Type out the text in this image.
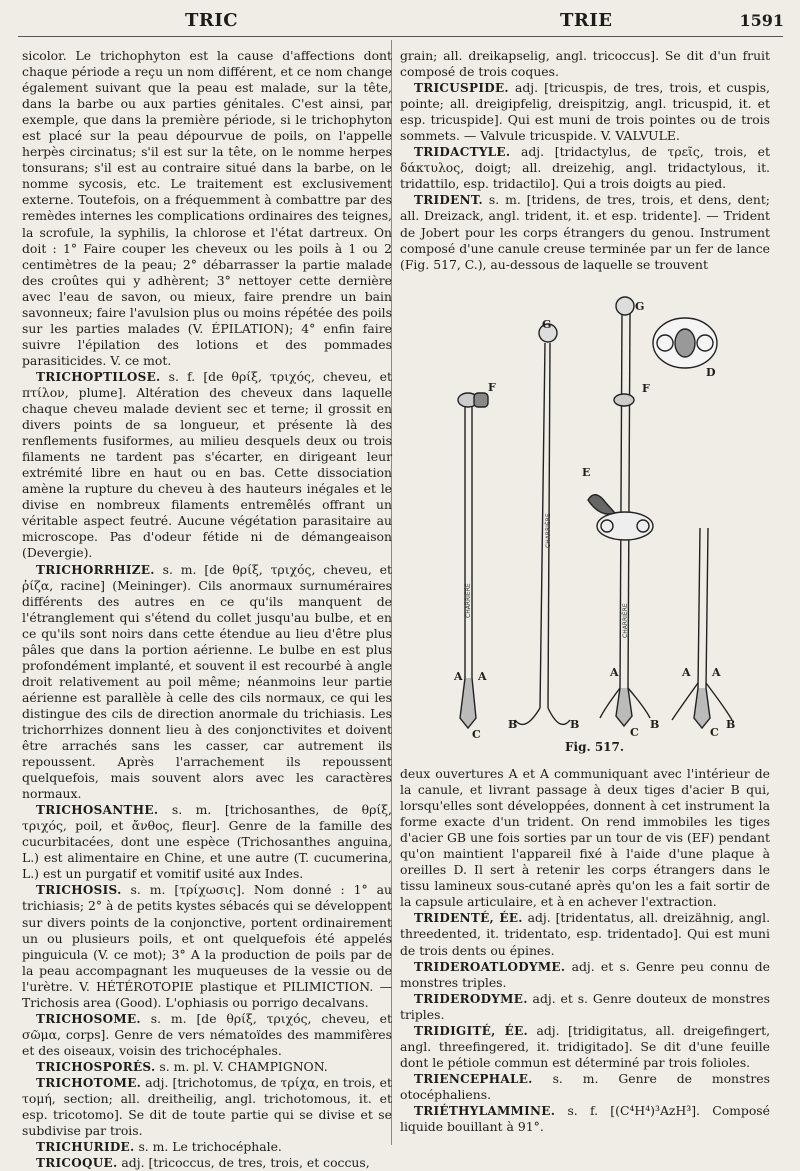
TRIC	TRIE	1591

sicolor. Le trichophyton est la cause d'affections dont chaque période a reçu un nom différent, et ce nom change également suivant que la peau est malade, sur la tête, dans la barbe ou aux parties génitales. C'est ainsi, par exemple, que dans la première période, si le trichophyton est placé sur la peau dépourvue de poils, on l'appelle herpès circinatus; s'il est sur la tête, on le nomme herpes tonsurans; s'il est au contraire situé dans la barbe, on le nomme sycosis, etc. Le traitement est exclusivement externe. Toutefois, on a fréquemment à combattre par des remèdes internes les complications ordinaires des teignes, la scrofule, la syphilis, la chlorose et l'état dartreux. On doit : 1° Faire couper les cheveux ou les poils à 1 ou 2 centimètres de la peau; 2° débarrasser la partie malade des croûtes qui y adhèrent; 3° nettoyer cette dernière avec l'eau de savon, ou mieux, faire prendre un bain savonneux; faire l'avulsion plus ou moins répétée des poils sur les parties malades (V. ÉPILATION); 4° enfin faire suivre l'épilation des lotions et des pommades parasiticides. V. ce mot.

TRICHOPTILOSE. s. f. [de θρίξ, τριχός, cheveu, et πτίλον, plume]. Altération des cheveux dans laquelle chaque cheveu malade devient sec et terne; il grossit en divers points de sa longueur, et présente là des renflements fusiformes, au milieu desquels deux ou trois filaments ne tardent pas s'écarter, en dirigeant leur extrémité libre en haut ou en bas. Cette dissociation amène la rupture du cheveu à des hauteurs inégales et le divise en nombreux filaments entremêlés offrant un véritable aspect feutré. Aucune végétation parasitaire au microscope. Pas d'odeur fétide ni de démangeaison (Devergie).

TRICHORRHIZE. s. m. [de θρίξ, τριχός, cheveu, et ῥίζα, racine] (Meininger). Cils anormaux surnuméraires différents des autres en ce qu'ils manquent de l'étranglement qui s'étend du collet jusqu'au bulbe, et en ce qu'ils sont noirs dans cette étendue au lieu d'être plus pâles que dans la portion aérienne. Le bulbe en est plus profondément implanté, et souvent il est recourbé à angle droit relativement au poil même; néanmoins leur partie aérienne est parallèle à celle des cils normaux, ce qui les distingue des cils de direction anormale du trichiasis. Les trichorrhizes donnent lieu à des conjonctivites et doivent être arrachés sans les casser, car autrement ils repoussent. Après l'arrachement ils repoussent quelquefois, mais souvent alors avec les caractères normaux.

TRICHOSANTHE. s. m. [trichosanthes, de θρίξ, τριχός, poil, et ἄνθος, fleur]. Genre de la famille des cucurbitacées, dont une espèce (Trichosanthes anguina, L.) est alimentaire en Chine, et une autre (T. cucumerina, L.) est un purgatif et vomitif usité aux Indes.

TRICHOSIS. s. m. [τρίχωσις]. Nom donné : 1° au trichiasis; 2° à de petits kystes sébacés qui se développent sur divers points de la conjonctive, portent ordinairement un ou plusieurs poils, et ont quelquefois été appelés pinguicula (V. ce mot); 3° A la production de poils par de la peau accompagnant les muqueuses de la vessie ou de l'urètre. V. HÉTÉROTOPIE plastique et PILIMICTION. — Trichosis area (Good). L'ophiasis ou porrigo decalvans.

TRICHOSOME. s. m. [de θρίξ, τριχός, cheveu, et σῶμα, corps]. Genre de vers nématoïdes des mammifères et des oiseaux, voisin des trichocéphales.

TRICHOSPORÉS. s. m. pl. V. CHAMPIGNON.

TRICHOTOME. adj. [trichotomus, de τρίχα, en trois, et τομή, section; all. dreitheilig, angl. trichotomous, it. et esp. tricotomo]. Se dit de toute partie qui se divise et se subdivise par trois.

TRICHURIDE. s. m. Le trichocéphale.

TRICOQUE. adj. [tricoccus, de tres, trois, et coccus,

grain; all. dreikapselig, angl. tricoccus]. Se dit d'un fruit composé de trois coques.

TRICUSPIDE. adj. [tricuspis, de tres, trois, et cuspis, pointe; all. dreigipfelig, dreispitzig, angl. tricuspid, it. et esp. tricuspide]. Qui est muni de trois pointes ou de trois sommets. — Valvule tricuspide. V. VALVULE.

TRIDACTYLE. adj. [tridactylus, de τρεῖς, trois, et δάκτυλος, doigt; all. dreizehig, angl. tridactylous, it. tridattilo, esp. tridactilo]. Qui a trois doigts au pied.

TRIDENT. s. m. [tridens, de tres, trois, et dens, dent; all. Dreizack, angl. trident, it. et esp. tridente]. — Trident de Jobert pour les corps étrangers du genou. Instrument composé d'une canule creuse terminée par un fer de lance (Fig. 517, C.), au-dessous de laquelle se trouvent

G
G
F	F
E
D
A A	A	A A
B	B	B	B
C	C	C
CHARRIÈRE
CHARRIÈRE
CHARRIÈRE
Fig. 517.

deux ouvertures A et A communiquant avec l'intérieur de la canule, et livrant passage à deux tiges d'acier B qui, lorsqu'elles sont développées, donnent à cet instrument la forme exacte d'un trident. On rend immobiles les tiges d'acier GB une fois sorties par un tour de vis (EF) pendant qu'on maintient l'appareil fixé à l'aide d'une plaque à oreilles D. Il sert à retenir les corps étrangers dans le tissu lamineux sous-cutané après qu'on les a fait sortir de la capsule articulaire, et à en achever l'extraction.

TRIDENTÉ, ÉE. adj. [tridentatus, all. dreizähnig, angl. threedented, it. tridentato, esp. tridentado]. Qui est muni de trois dents ou épines.

TRIDEROATLODYME. adj. et s. Genre peu connu de monstres triples.

TRIDERODYME. adj. et s. Genre douteux de monstres triples.

TRIDIGITÉ, ÉE. adj. [tridigitatus, all. dreigefingert, angl. threefingered, it. tridigitado]. Se dit d'une feuille dont le pétiole commun est déterminé par trois folioles.

TRIENCEPHALE. s. m. Genre de monstres otocéphaliens.

TRIÉTHYLAMMINE. s. f. [(C⁴H⁴)³AzH³]. Composé liquide bouillant à 91°.
